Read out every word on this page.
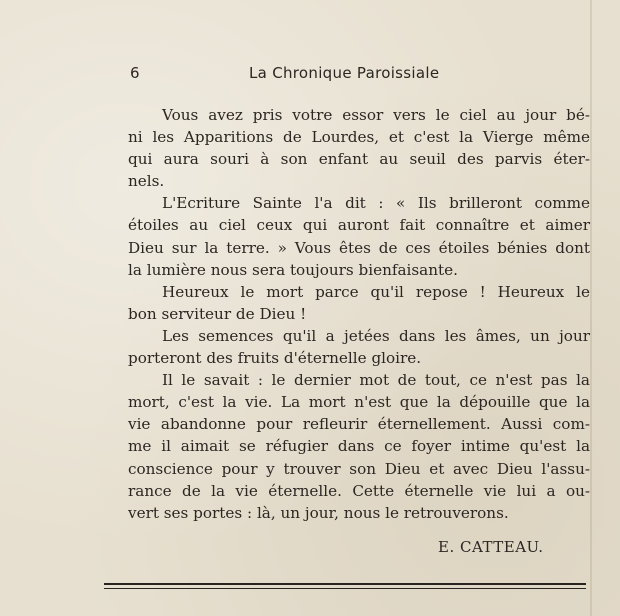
6	La Chronique Paroissiale
Vous avez pris votre essor vers le ciel au jour bé-
ni les Apparitions de Lourdes, et c'est la Vierge même
qui aura souri à son enfant au seuil des parvis éter-
nels.
L'Ecriture Sainte l'a dit : « Ils brilleront comme
étoiles au ciel ceux qui auront fait connaître et aimer
Dieu sur la terre. » Vous êtes de ces étoiles bénies dont
la lumière nous sera toujours bienfaisante.
Heureux le mort parce qu'il repose ! Heureux le
bon serviteur de Dieu !
Les semences qu'il a jetées dans les âmes, un jour
porteront des fruits d'éternelle gloire.
Il le savait : le dernier mot de tout, ce n'est pas la
mort, c'est la vie. La mort n'est que la dépouille que la
vie abandonne pour refleurir éternellement. Aussi com-
me il aimait se réfugier dans ce foyer intime qu'est la
conscience pour y trouver son Dieu et avec Dieu l'assu-
rance de la vie éternelle. Cette éternelle vie lui a ou-
vert ses portes : là, un jour, nous le retrouverons.
E. CATTEAU.
